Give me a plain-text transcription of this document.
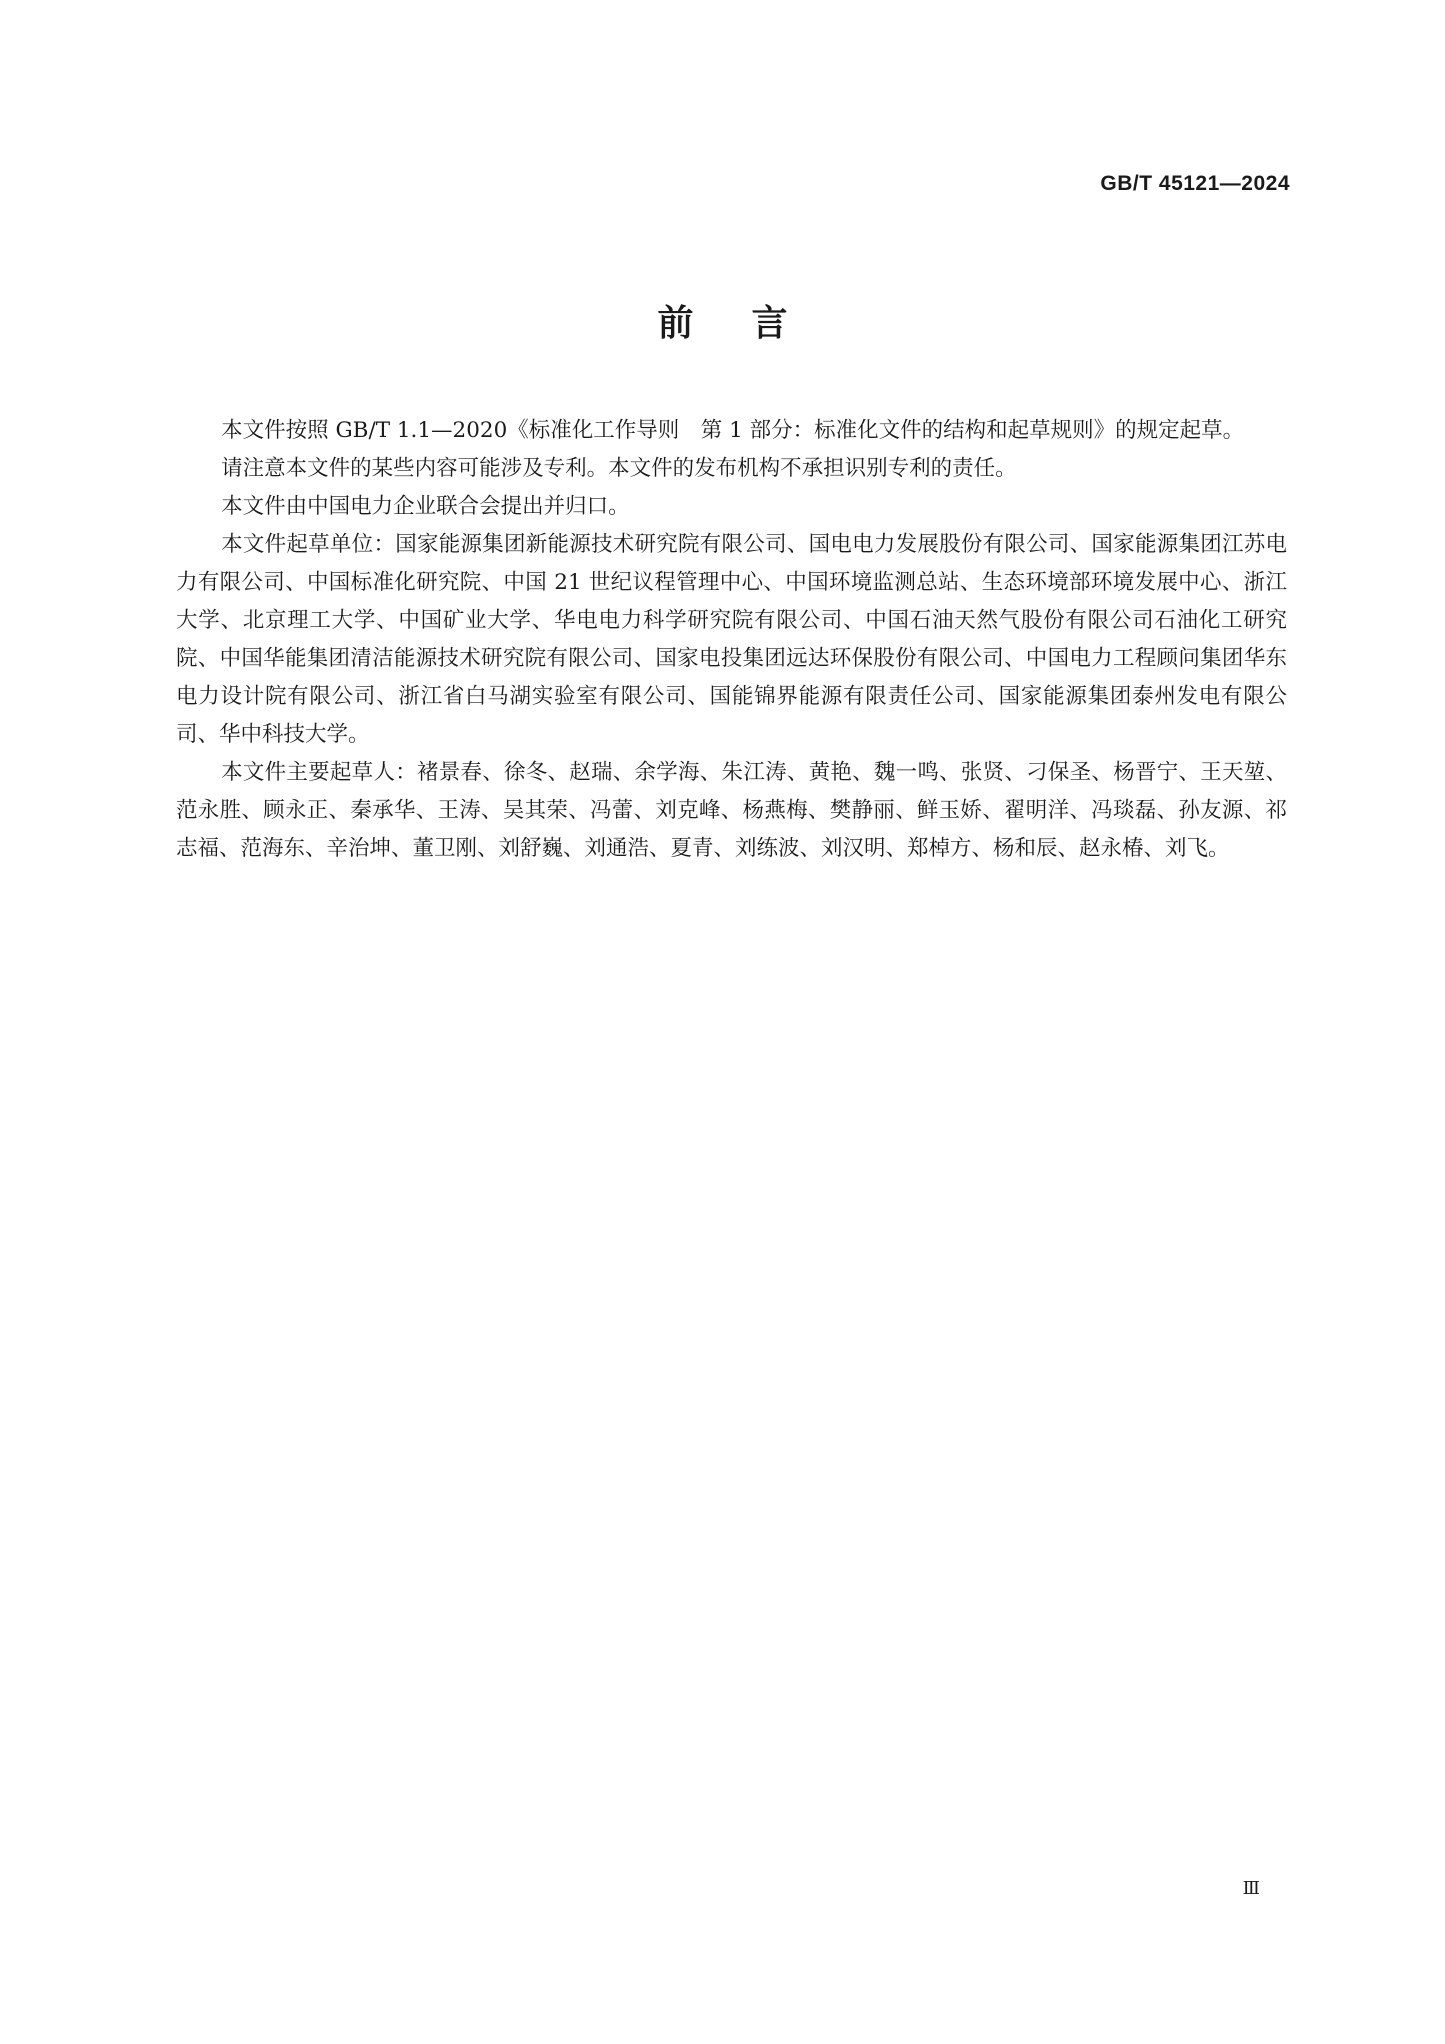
GB/T 45121—2024
前言

本文件按照 GB/T 1.1—2020《标准化工作导则　第 1 部分：标准化文件的结构和起草规则》的规定起草。

请注意本文件的某些内容可能涉及专利。本文件的发布机构不承担识别专利的责任。

本文件由中国电力企业联合会提出并归口。

本文件起草单位：国家能源集团新能源技术研究院有限公司、国电电力发展股份有限公司、国家能源集团江苏电力有限公司、中国标准化研究院、中国 21 世纪议程管理中心、中国环境监测总站、生态环境部环境发展中心、浙江大学、北京理工大学、中国矿业大学、华电电力科学研究院有限公司、中国石油天然气股份有限公司石油化工研究院、中国华能集团清洁能源技术研究院有限公司、国家电投集团远达环保股份有限公司、中国电力工程顾问集团华东电力设计院有限公司、浙江省白马湖实验室有限公司、国能锦界能源有限责任公司、国家能源集团泰州发电有限公司、华中科技大学。

本文件主要起草人：褚景春、徐冬、赵瑞、余学海、朱江涛、黄艳、魏一鸣、张贤、刁保圣、杨晋宁、王天堃、范永胜、顾永正、秦承华、王涛、吴其荣、冯蕾、刘克峰、杨燕梅、樊静丽、鲜玉娇、翟明洋、冯琰磊、孙友源、祁志福、范海东、辛治坤、董卫刚、刘舒巍、刘通浩、夏青、刘练波、刘汉明、郑棹方、杨和辰、赵永椿、刘飞。

Ⅲ
